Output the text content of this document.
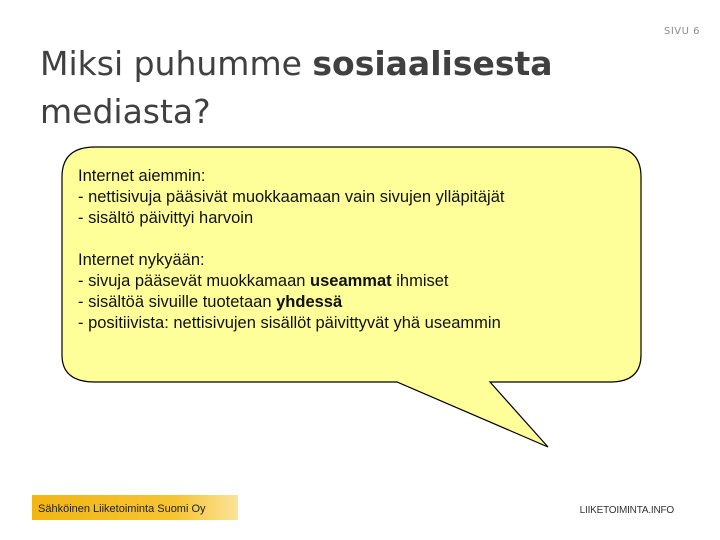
SIVU 6
Miksi puhumme sosiaalisesta
mediasta?

Internet aiemmin:

- nettisivuja pääsivät muokkaamaan vain sivujen ylläpitäjät

- sisältö päivittyi harvoin

Internet nykyään:

- sivuja pääsevät muokkamaan useammat ihmiset

- sisältöä sivuille tuotetaan yhdessä

- positiivista: nettisivujen sisällöt päivittyvät yhä useammin

Sähköinen Liiketoiminta Suomi Oy	LIIKETOIMINTA.INFO
